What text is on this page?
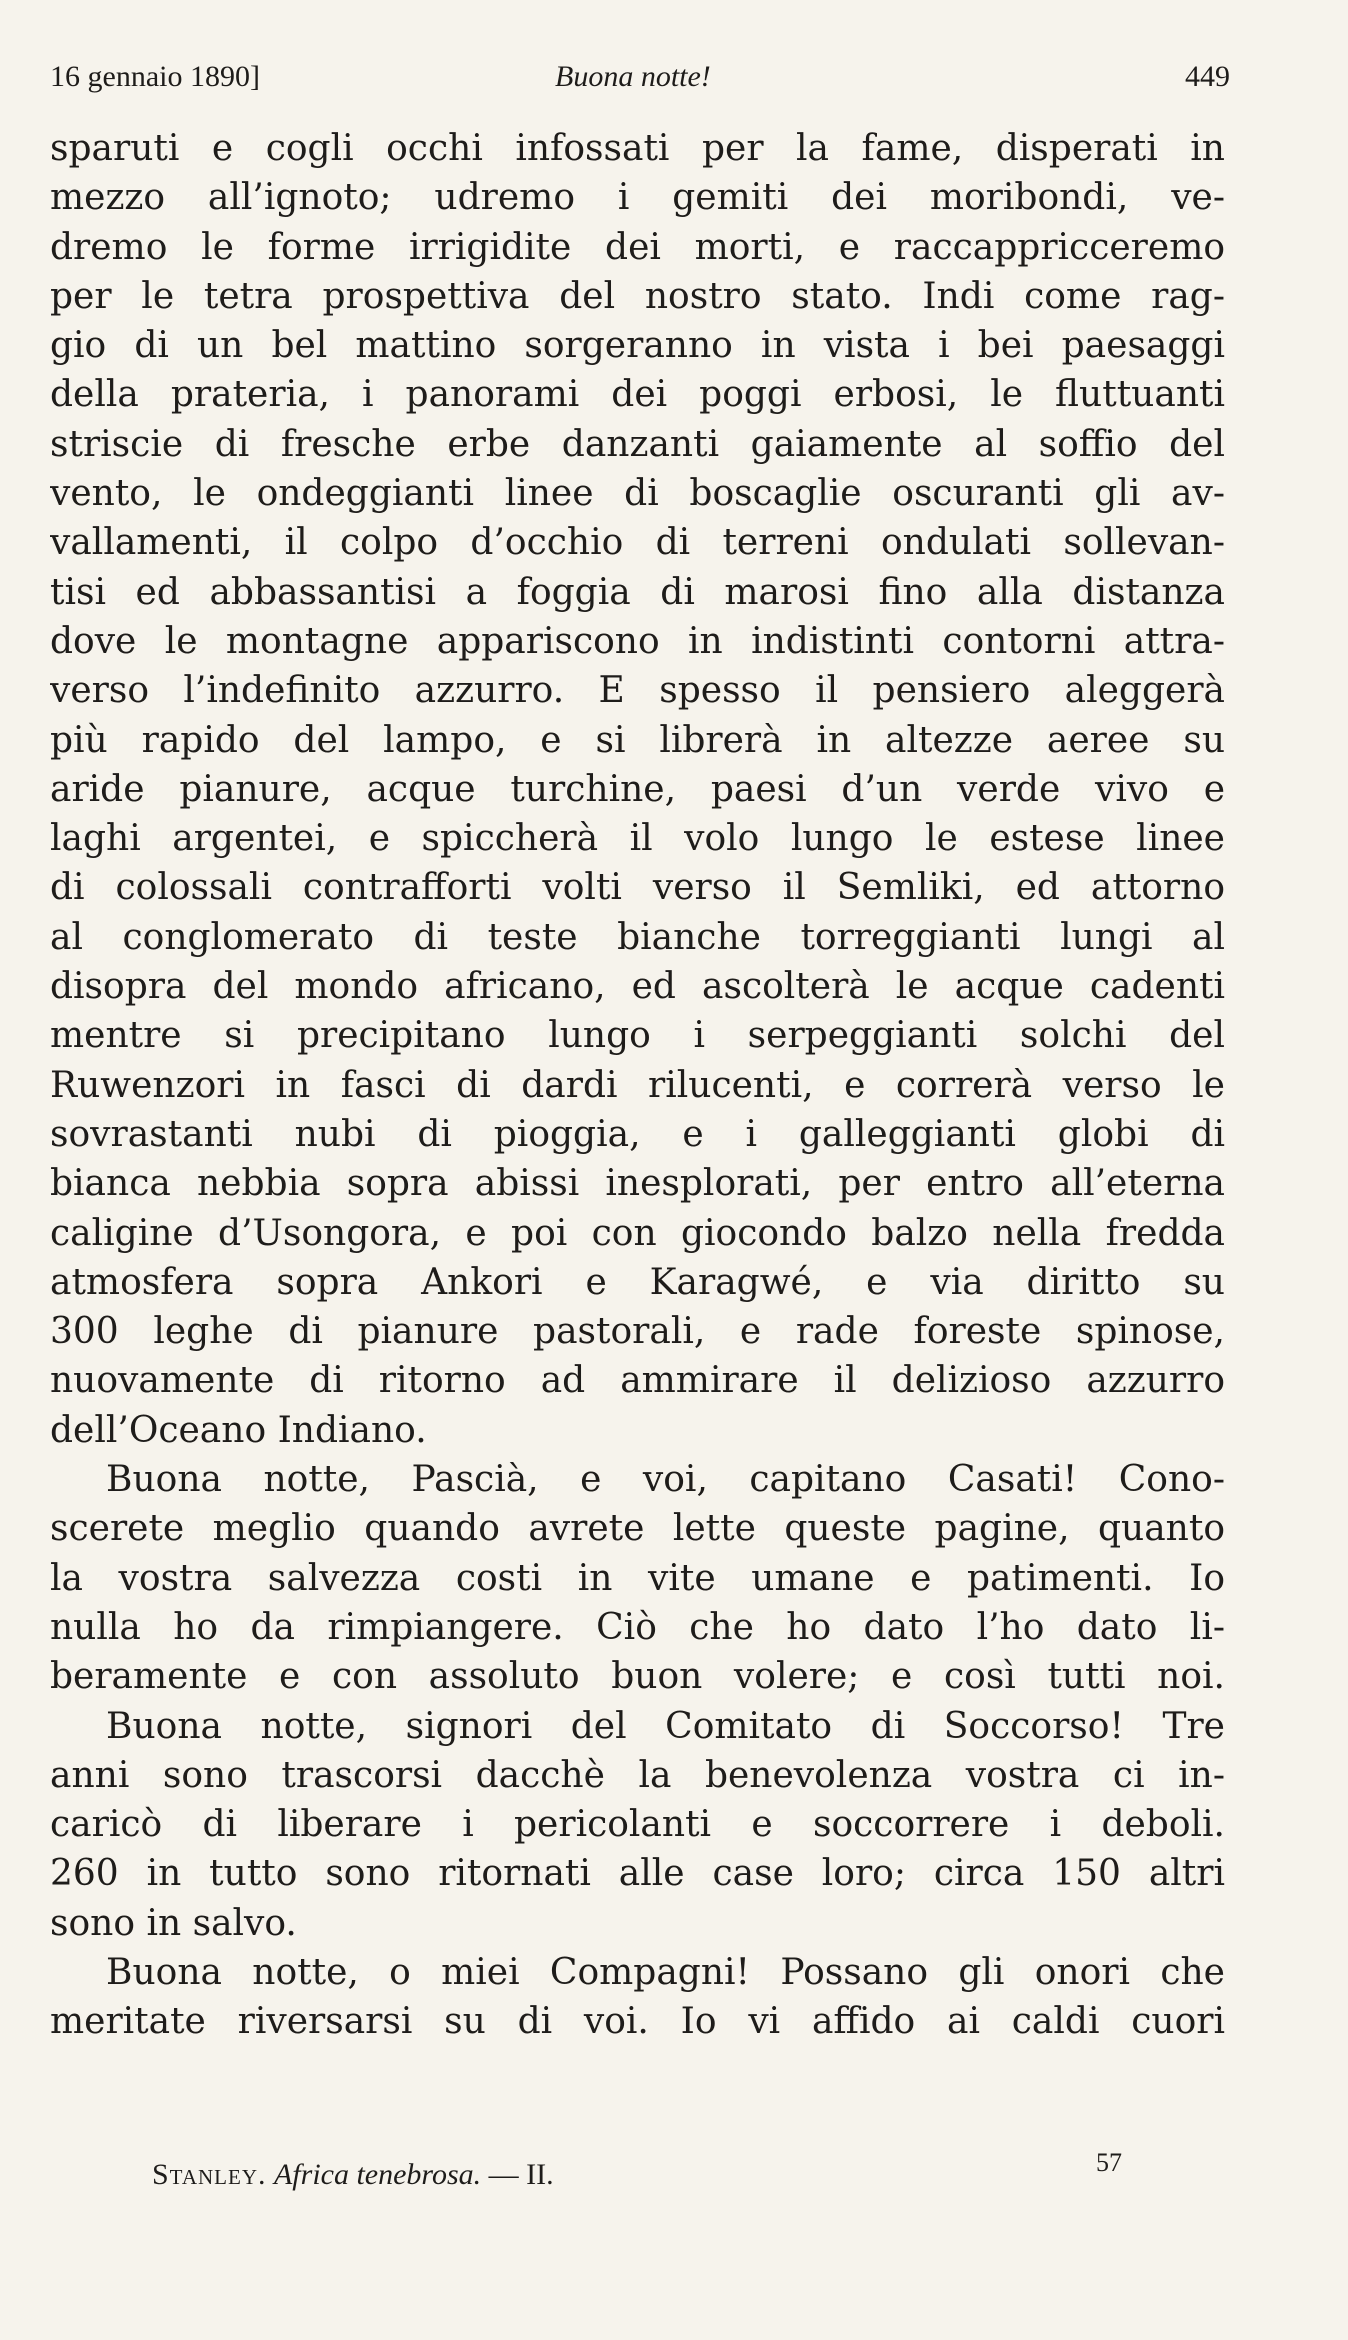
16 gennaio 1890]	Buona notte!	449
sparuti e cogli occhi infossati per la fame, disperati in
mezzo all’ignoto; udremo i gemiti dei moribondi, ve-
dremo le forme irrigidite dei morti, e raccappricceremo
per le tetra prospettiva del nostro stato. Indi come rag-
gio di un bel mattino sorgeranno in vista i bei paesaggi
della prateria, i panorami dei poggi erbosi, le fluttuanti
striscie di fresche erbe danzanti gaiamente al soffio del
vento, le ondeggianti linee di boscaglie oscuranti gli av-
vallamenti, il colpo d’occhio di terreni ondulati sollevan-
tisi ed abbassantisi a foggia di marosi fino alla distanza
dove le montagne appariscono in indistinti contorni attra-
verso l’indefinito azzurro. E spesso il pensiero aleggerà
più rapido del lampo, e si librerà in altezze aeree su
aride pianure, acque turchine, paesi d’un verde vivo e
laghi argentei, e spiccherà il volo lungo le estese linee
di colossali contrafforti volti verso il Semliki, ed attorno
al conglomerato di teste bianche torreggianti lungi al
disopra del mondo africano, ed ascolterà le acque cadenti
mentre si precipitano lungo i serpeggianti solchi del
Ruwenzori in fasci di dardi rilucenti, e correrà verso le
sovrastanti nubi di pioggia, e i galleggianti globi di
bianca nebbia sopra abissi inesplorati, per entro all’eterna
caligine d’Usongora, e poi con giocondo balzo nella fredda
atmosfera sopra Ankori e Karagwé, e via diritto su
300 leghe di pianure pastorali, e rade foreste spinose,
nuovamente di ritorno ad ammirare il delizioso azzurro
dell’Oceano Indiano.
Buona notte, Pascià, e voi, capitano Casati! Cono-
scerete meglio quando avrete lette queste pagine, quanto
la vostra salvezza costi in vite umane e patimenti. Io
nulla ho da rimpiangere. Ciò che ho dato l’ho dato li-
beramente e con assoluto buon volere; e così tutti noi.
Buona notte, signori del Comitato di Soccorso! Tre
anni sono trascorsi dacchè la benevolenza vostra ci in-
caricò di liberare i pericolanti e soccorrere i deboli.
260 in tutto sono ritornati alle case loro; circa 150 altri
sono in salvo.
Buona notte, o miei Compagni! Possano gli onori che
meritate riversarsi su di voi. Io vi affido ai caldi cuori
Stanley. Africa tenebrosa. — II.	57
